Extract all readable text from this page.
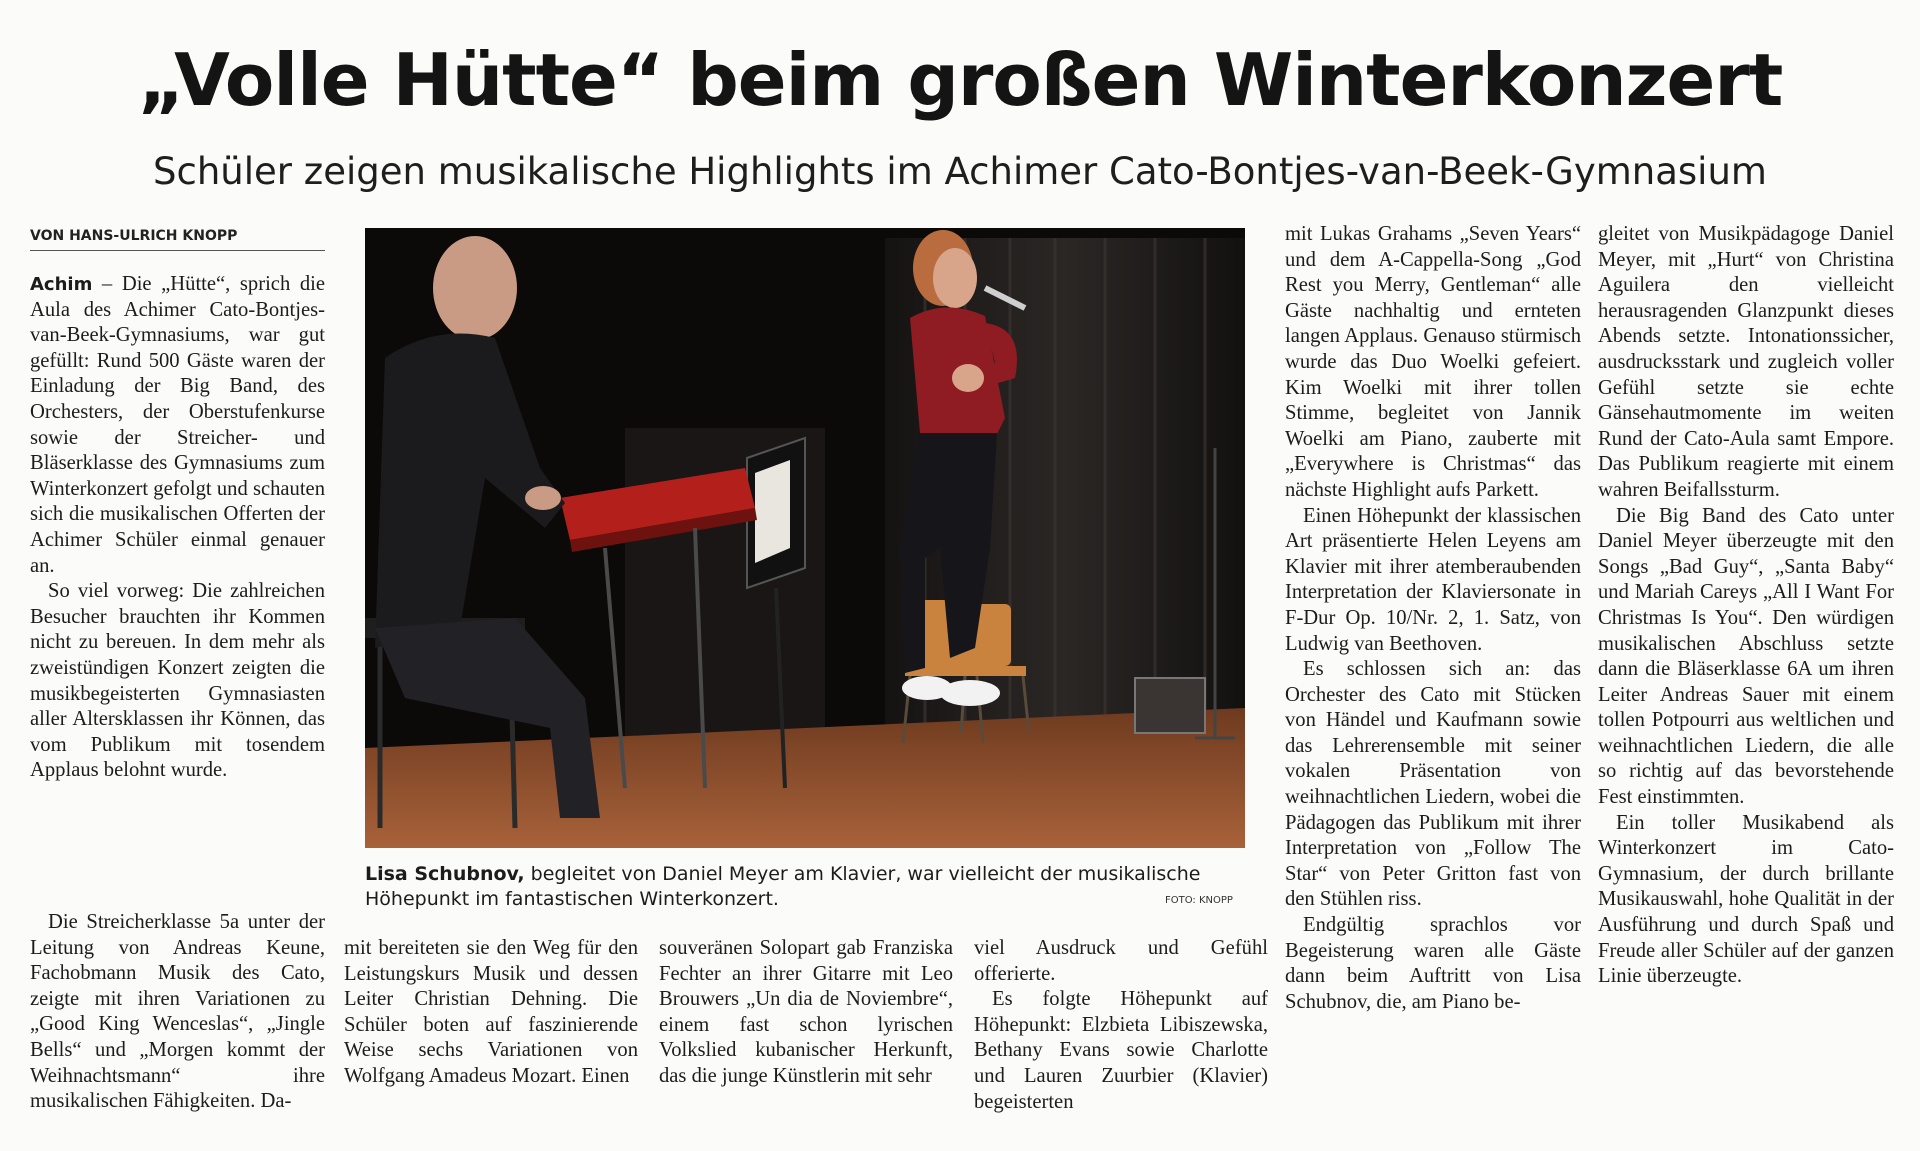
„Volle Hütte“ beim großen Winterkonzert
Schüler zeigen musikalische Highlights im Achimer Cato-Bontjes-van-Beek-Gymnasium
VON HANS-ULRICH KNOPP

Achim – Die „Hütte“, sprich die Aula des Achimer Cato-Bontjes-van-Beek-Gymnasiums, war gut gefüllt: Rund 500 Gäste waren der Einladung der Big Band, des Orchesters, der Oberstufenkurse sowie der Streicher- und Bläserklasse des Gymnasiums zum Winterkonzert gefolgt und schauten sich die musikalischen Offerten der Achimer Schüler einmal genauer an.

So viel vorweg: Die zahlreichen Besucher brauchten ihr Kommen nicht zu bereuen. In dem mehr als zweistündigen Konzert zeigten die musikbegeisterten Gymnasiasten aller Altersklassen ihr Können, das vom Publikum mit tosendem Applaus belohnt wurde.

Die Streicherklasse 5a unter der Leitung von Andreas Keune, Fachobmann Musik des Cato, zeigte mit ihren Variationen zu „Good King Wenceslas“, „Jingle Bells“ und „Morgen kommt der Weihnachtsmann“ ihre musikalischen Fähigkeiten. Da-

Lisa Schubnov, begleitet von Daniel Meyer am Klavier, war vielleicht der musikalische Höhepunkt im fantastischen Winterkonzert.	FOTO: KNOPP

mit bereiteten sie den Weg für den Leistungskurs Musik und dessen Leiter Christian Dehning. Die Schüler boten auf faszinierende Weise sechs Variationen von Wolfgang Amadeus Mozart. Einen

souveränen Solopart gab Franziska Fechter an ihrer Gitarre mit Leo Brouwers „Un dia de Noviembre“, einem fast schon lyrischen Volkslied kubanischer Herkunft, das die junge Künstlerin mit sehr

viel Ausdruck und Gefühl offerierte.

Es folgte Höhepunkt auf Höhepunkt: Elzbieta Libiszewska, Bethany Evans sowie Charlotte und Lauren Zuurbier (Klavier) begeisterten

mit Lukas Grahams „Seven Years“ und dem A-Cappella-Song „God Rest you Merry, Gentleman“ alle Gäste nachhaltig und ernteten langen Applaus. Genauso stürmisch wurde das Duo Woelki gefeiert. Kim Woelki mit ihrer tollen Stimme, begleitet von Jannik Woelki am Piano, zauberte mit „Everywhere is Christmas“ das nächste Highlight aufs Parkett.

Einen Höhepunkt der klassischen Art präsentierte Helen Leyens am Klavier mit ihrer atemberaubenden Interpretation der Klaviersonate in F-Dur Op. 10/Nr. 2, 1. Satz, von Ludwig van Beethoven.

Es schlossen sich an: das Orchester des Cato mit Stücken von Händel und Kaufmann sowie das Lehrerensemble mit seiner vokalen Präsentation von weihnachtlichen Liedern, wobei die Pädagogen das Publikum mit ihrer Interpretation von „Follow The Star“ von Peter Gritton fast von den Stühlen riss.

Endgültig sprachlos vor Begeisterung waren alle Gäste dann beim Auftritt von Lisa Schubnov, die, am Piano be-

gleitet von Musikpädagoge Daniel Meyer, mit „Hurt“ von Christina Aguilera den vielleicht herausragenden Glanzpunkt dieses Abends setzte. Intonationssicher, ausdrucksstark und zugleich voller Gefühl setzte sie echte Gänsehautmomente im weiten Rund der Cato-Aula samt Empore. Das Publikum reagierte mit einem wahren Beifallssturm.

Die Big Band des Cato unter Daniel Meyer überzeugte mit den Songs „Bad Guy“, „Santa Baby“ und Mariah Careys „All I Want For Christmas Is You“. Den würdigen musikalischen Abschluss setzte dann die Bläserklasse 6A um ihren Leiter Andreas Sauer mit einem tollen Potpourri aus weltlichen und weihnachtlichen Liedern, die alle so richtig auf das bevorstehende Fest einstimmten.

Ein toller Musikabend als Winterkonzert im Cato-Gymnasium, der durch brillante Musikauswahl, hohe Qualität in der Ausführung und durch Spaß und Freude aller Schüler auf der ganzen Linie überzeugte.
